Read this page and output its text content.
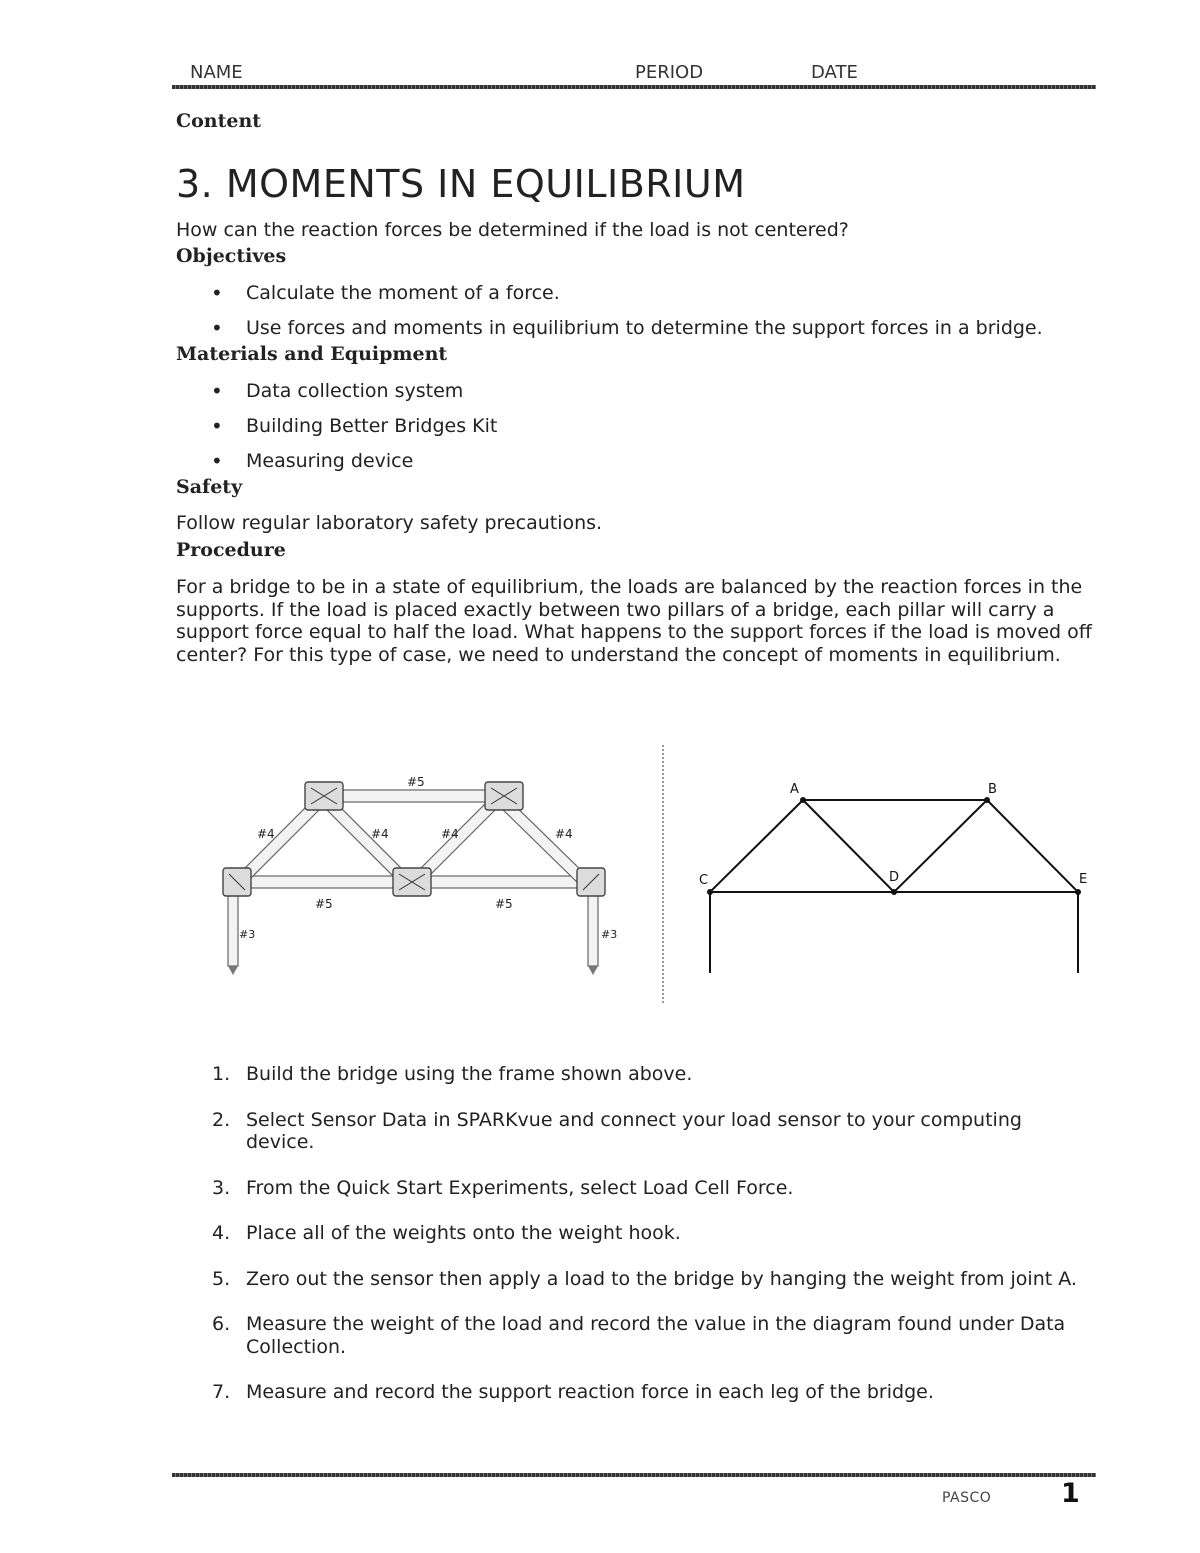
NAME	PERIOD	DATE
Content
3. MOMENTS IN EQUILIBRIUM
How can the reaction forces be determined if the load is not centered?
Objectives
• Calculate the moment of a force.
• Use forces and moments in equilibrium to determine the support forces in a bridge.
Materials and Equipment
• Data collection system
• Building Better Bridges Kit
• Measuring device
Safety
Follow regular laboratory safety precautions.
Procedure
For a bridge to be in a state of equilibrium, the loads are balanced by the reaction forces in the supports. If the load is placed exactly between two pillars of a bridge, each pillar will carry a support force equal to half the load. What happens to the support forces if the load is moved off center? For this type of case, we need to understand the concept of moments in equilibrium.
#5
#4	#4	#4	#4
#5	#5
#3	#3
A	B
C	D	E
1. Build the bridge using the frame shown above.
2. Select Sensor Data in SPARKvue and connect your load sensor to your computing device.
3. From the Quick Start Experiments, select Load Cell Force.
4. Place all of the weights onto the weight hook.
5. Zero out the sensor then apply a load to the bridge by hanging the weight from joint A.
6. Measure the weight of the load and record the value in the diagram found under Data Collection.
7. Measure and record the support reaction force in each leg of the bridge.
PASCO	1
